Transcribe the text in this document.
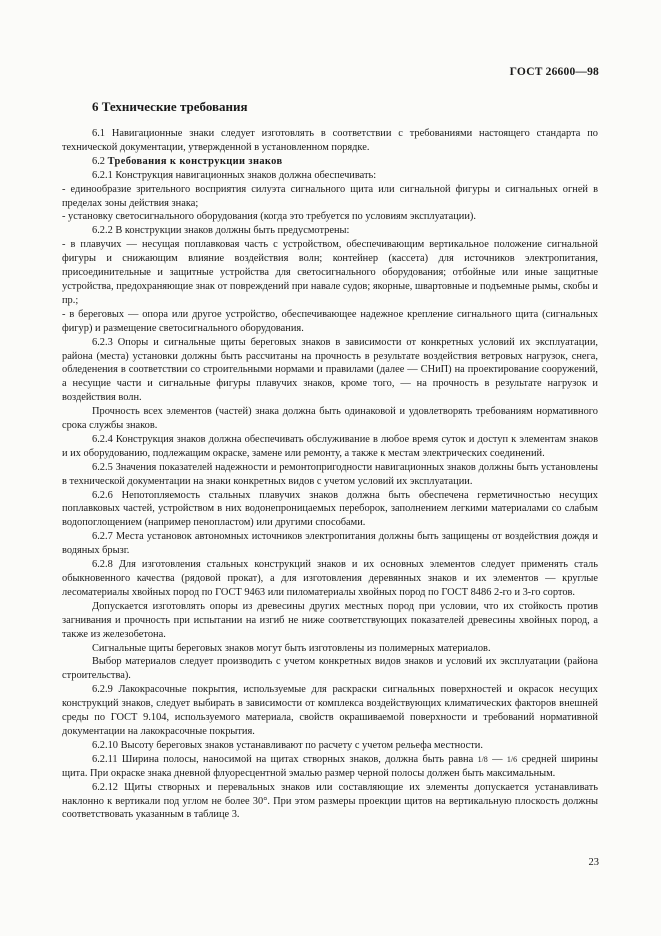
ГОСТ 26600—98
6 Технические требования

6.1 Навигационные знаки следует изготовлять в соответствии с требованиями настоящего стандарта по технической документации, утвержденной в установленном порядке.

6.2 Требования к конструкции знаков

6.2.1 Конструкция навигационных знаков должна обеспечивать:

- единообразие зрительного восприятия силуэта сигнального щита или сигнальной фигуры и сигнальных огней в пределах зоны действия знака;

- установку светосигнального оборудования (когда это требуется по условиям эксплуатации).

6.2.2 В конструкции знаков должны быть предусмотрены:

- в плавучих — несущая поплавковая часть с устройством, обеспечивающим вертикальное положение сигнальной фигуры и снижающим влияние воздействия волн; контейнер (кассета) для источников электропитания, присоединительные и защитные устройства для светосигнального оборудования; отбойные или иные защитные устройства, предохраняющие знак от повреждений при навале судов; якорные, швартовные и подъемные рымы, скобы и пр.;

- в береговых — опора или другое устройство, обеспечивающее надежное крепление сигнального щита (сигнальных фигур) и размещение светосигнального оборудования.

6.2.3 Опоры и сигнальные щиты береговых знаков в зависимости от конкретных условий их эксплуатации, района (места) установки должны быть рассчитаны на прочность в результате воздействия ветровых нагрузок, снега, обледенения в соответствии со строительными нормами и правилами (далее — СНиП) на проектирование сооружений, а несущие части и сигнальные фигуры плавучих знаков, кроме того, — на прочность в результате нагрузок и воздействия волн.

Прочность всех элементов (частей) знака должна быть одинаковой и удовлетворять требованиям нормативного срока службы знаков.

6.2.4 Конструкция знаков должна обеспечивать обслуживание в любое время суток и доступ к элементам знаков и их оборудованию, подлежащим окраске, замене или ремонту, а также к местам электрических соединений.

6.2.5 Значения показателей надежности и ремонтопригодности навигационных знаков должны быть установлены в технической документации на знаки конкретных видов с учетом условий их эксплуатации.

6.2.6 Непотопляемость стальных плавучих знаков должна быть обеспечена герметичностью несущих поплавковых частей, устройством в них водонепроницаемых переборок, заполнением легкими материалами со слабым водопоглощением (например пенопластом) или другими способами.

6.2.7 Места установок автономных источников электропитания должны быть защищены от воздействия дождя и водяных брызг.

6.2.8 Для изготовления стальных конструкций знаков и их основных элементов следует применять сталь обыкновенного качества (рядовой прокат), а для изготовления деревянных знаков и их элементов — круглые лесоматериалы хвойных пород по ГОСТ 9463 или пиломатериалы хвойных пород по ГОСТ 8486 2-го и 3-го сортов.

Допускается изготовлять опоры из древесины других местных пород при условии, что их стойкость против загнивания и прочность при испытании на изгиб не ниже соответствующих показателей древесины хвойных пород, а также из железобетона.

Сигнальные щиты береговых знаков могут быть изготовлены из полимерных материалов.

Выбор материалов следует производить с учетом конкретных видов знаков и условий их эксплуатации (района строительства).

6.2.9 Лакокрасочные покрытия, используемые для раскраски сигнальных поверхностей и окрасок несущих конструкций знаков, следует выбирать в зависимости от комплекса воздействующих климатических факторов внешней среды по ГОСТ 9.104, используемого материала, свойств окрашиваемой поверхности и требований нормативной документации на лакокрасочные покрытия.

6.2.10 Высоту береговых знаков устанавливают по расчету с учетом рельефа местности.

6.2.11 Ширина полосы, наносимой на щитах створных знаков, должна быть равна 1/8 — 1/6 средней ширины щита. При окраске знака дневной флуоресцентной эмалью размер черной полосы должен быть максимальным.

6.2.12 Щиты створных и перевальных знаков или составляющие их элементы допускается устанавливать наклонно к вертикали под углом не более 30°. При этом размеры проекции щитов на вертикальную плоскость должны соответствовать указанным в таблице 3.

23
